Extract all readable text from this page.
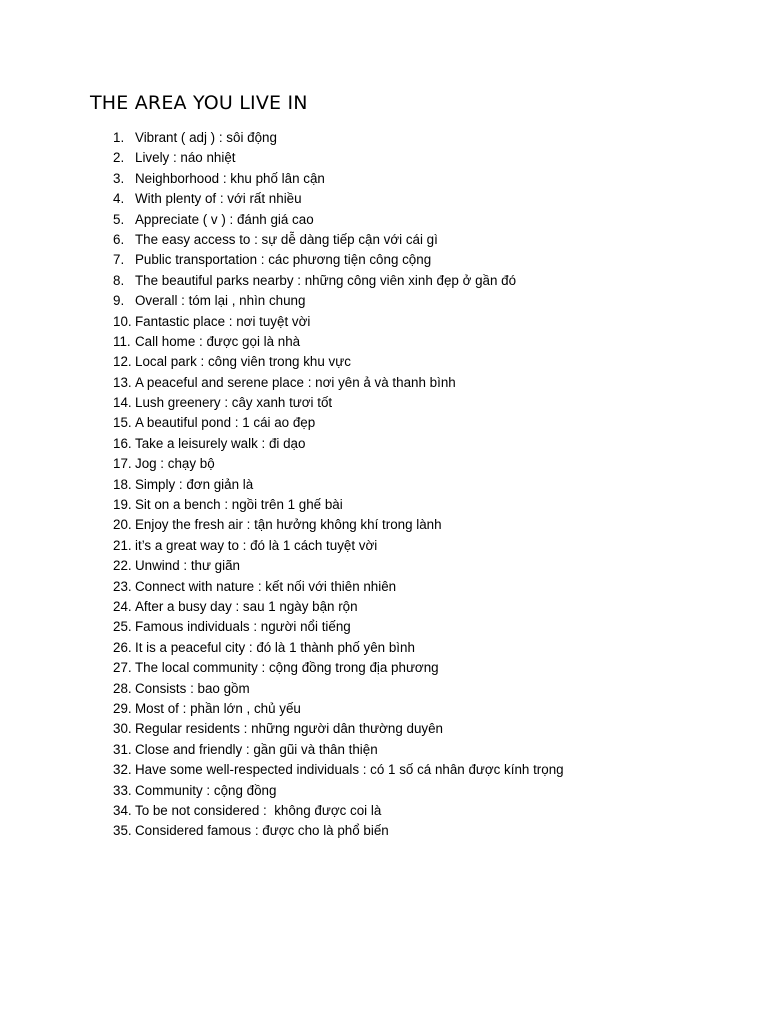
THE AREA YOU LIVE IN
1. Vibrant ( adj ) : sôi động
2. Lively : náo nhiệt
3. Neighborhood : khu phố lân cận
4. With plenty of : với rất nhiều
5. Appreciate ( v ) : đánh giá cao
6. The easy access to : sự dễ dàng tiếp cận với cái gì
7. Public transportation : các phương tiện công cộng
8. The beautiful parks nearby : những công viên xinh đẹp ở gần đó
9. Overall : tóm lại , nhìn chung
10. Fantastic place : nơi tuyệt vời
11. Call home : được gọi là nhà
12. Local park : công viên trong khu vực
13. A peaceful and serene place : nơi yên ả và thanh bình
14. Lush greenery : cây xanh tươi tốt
15. A beautiful pond : 1 cái ao đẹp
16. Take a leisurely walk : đi dạo
17. Jog : chạy bộ
18. Simply : đơn giản là
19. Sit on a bench : ngồi trên 1 ghế bài
20. Enjoy the fresh air : tận hưởng không khí trong lành
21. it’s a great way to : đó là 1 cách tuyệt vời
22. Unwind : thư giãn
23. Connect with nature : kết nối với thiên nhiên
24. After a busy day : sau 1 ngày bận rộn
25. Famous individuals : người nổi tiếng
26. It is a peaceful city : đó là 1 thành phố yên bình
27. The local community : cộng đồng trong địa phương
28. Consists : bao gồm
29. Most of : phần lớn , chủ yếu
30. Regular residents : những người dân thường duyên
31. Close and friendly : gần gũi và thân thiện
32. Have some well-respected individuals : có 1 số cá nhân được kính trọng
33. Community : cộng đồng
34. To be not considered :  không được coi là
35. Considered famous : được cho là phổ biến
